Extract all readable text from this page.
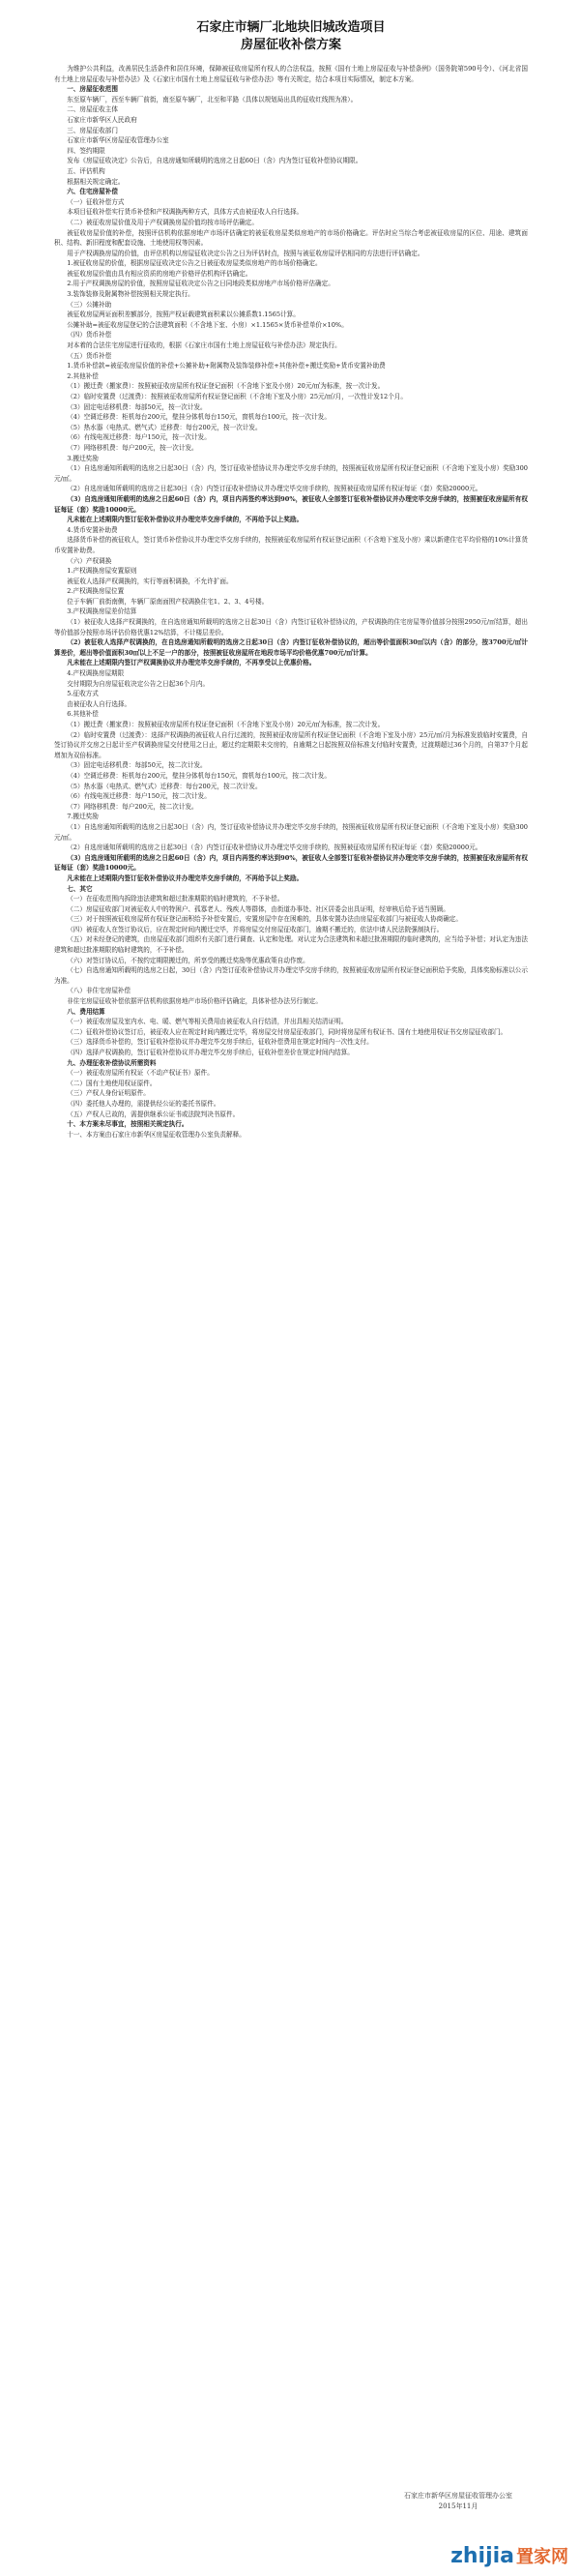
石家庄市辆厂北地块旧城改造项目
房屋征收补偿方案

为维护公共利益，改善居民生活条件和居住环境，保障被征收房屋所有权人的合法权益，按照《国有土地上房屋征收与补偿条例》（国务院第590号令）、《河北省国有土地上房屋征收与补偿办法》及《石家庄市国有土地上房屋征收与补偿办法》等有关规定，结合本项目实际情况，制定本方案。

一、房屋征收范围

东至原车辆厂，西至车辆厂前街，南至原车辆厂，北至和平路（具体以规划局出具的征收红线图为准）。

二、房屋征收主体

石家庄市新华区人民政府

三、房屋征收部门

石家庄市新华区房屋征收管理办公室

四、签约期限

发布《房屋征收决定》公告后，自选房通知所载明的选房之日起60日（含）内为签订征收补偿协议期限。

五、评估机构

根据相关规定确定。

六、住宅房屋补偿

（一）征收补偿方式

本项目征收补偿实行货币补偿和产权调换两种方式，具体方式由被征收人自行选择。

（二）被征收房屋价值及用于产权调换房屋价值均按市场评估确定。

被征收房屋价值的补偿，按照评估机构依据房地产市场评估确定的被征收房屋类似房地产的市场价格确定。评估时应当综合考虑被征收房屋的区位、用途、建筑面积、结构、新旧程度和配套设施、土地使用权等因素。

用于产权调换房屋的价值，由评估机构以房屋征收决定公告之日为评估时点，按照与被征收房屋评估相同的方法进行评估确定。

1.被征收房屋的价值，根据房屋征收决定公告之日被征收房屋类似房地产的市场价格确定。

被征收房屋价值由具有相应资质的房地产价格评估机构评估确定。

2.用于产权调换房屋的价值，按照房屋征收决定公告之日同地段类似房地产市场价格评估确定。

3.装饰装修及附属物补偿按照相关规定执行。

（三）公摊补助

被征收房屋两证面积差额部分，按照产权证载建筑面积乘以公摊系数1.1565计算。

公摊补助=被征收房屋登记的合法建筑面积（不含地下室、小房）×1.1565×货币补偿单价×10%。

（四）货币补偿

对本着的合法住宅房屋进行征收的，根据《石家庄市国有土地上房屋征收与补偿办法》规定执行。

（五）货币补偿

1.货币补偿款=被征收房屋价值的补偿+公摊补助+附属物及装饰装修补偿+其他补偿+搬迁奖励+货币安置补助费

2.其他补偿

（1）搬迁费（搬家费）：按照被征收房屋所有权证登记面积（不含地下室及小房）20元/㎡为标准，按一次计发。

（2）临时安置费（过渡费）：按照被征收房屋所有权证登记面积（不含地下室及小房）25元/㎡/月，一次性计发12个月。

（3）固定电话移机费：每部50元，按一次计发。

（4）空调迁移费：柜机每台200元，壁挂分体机每台150元，窗机每台100元，按一次计发。

（5）热水器（电热式、燃气式）迁移费：每台200元，按一次计发。

（6）有线电视迁移费：每户150元，按一次计发。

（7）网络移机费：每户200元，按一次计发。

3.搬迁奖励

（1）自选房通知所载明的选房之日起30日（含）内，签订征收补偿协议并办理完毕交房手续的，按照被征收房屋所有权证登记面积（不含地下室及小房）奖励300元/㎡。

（2）自选房通知所载明的选房之日起30日（含）内签订征收补偿协议并办理完毕交房手续的，按照被征收房屋所有权证每证（套）奖励20000元。

（3）自选房通知所载明的选房之日起60日（含）内，项目内再签约率达到90%，被征收人全部签订征收补偿协议并办理完毕交房手续的，按照被征收房屋所有权证每证（套）奖励10000元。

凡未能在上述期限内签订征收补偿协议并办理完毕交房手续的，不再给予以上奖励。

4.货币安置补助费

选择货币补偿的被征收人，签订货币补偿协议并办理完毕交房手续的，按照被征收房屋所有权证登记面积（不含地下室及小房）乘以新建住宅平均价格的10%计算货币安置补助费。

（六）产权调换

1.产权调换房屋安置原则

被征收人选择产权调换的，实行等面积调换，不允许扩面。

2.产权调换房屋位置

位于车辆厂前街南侧，车辆厂原南面围产权调换住宅1、2、3、4号楼。

3.产权调换房屋差价结算

（1）被征收人选择产权调换的，在自选房通知所载明的选房之日起30日（含）内签订征收补偿协议的，产权调换的住宅房屋等价值部分按照2950元/㎡结算，超出等价值部分按照市场评估价格优惠12%结算，不计楼层差价。

（2）被征收人选择产权调换的，在自选房通知所载明的选房之日起30日（含）内签订征收补偿协议的，超出等价值面积30㎡以内（含）的部分，按3700元/㎡计算差价，超出等价值面积30㎡以上不足一户的部分，按照被征收房屋所在地段市场平均价格优惠700元/㎡计算。

凡未能在上述期限内签订产权调换协议并办理完毕交房手续的，不再享受以上优惠价格。

4.产权调换房屋期限

交付期限为自房屋征收决定公告之日起36个月内。

5.征收方式

由被征收人自行选择。

6.其他补偿

（1）搬迁费（搬家费）：按照被征收房屋所有权证登记面积（不含地下室及小房）20元/㎡为标准，按二次计发。

（2）临时安置费（过渡费）：选择产权调换的被征收人自行过渡的，按照被征收房屋所有权证登记面积（不含地下室及小房）25元/㎡/月为标准发放临时安置费，自签订协议并交房之日起计至产权调换房屋交付使用之日止，超过约定期限未交房的，自逾期之日起按照双倍标准支付临时安置费，过渡期超过36个月的，自第37个月起增加为双倍标准。

（3）固定电话移机费：每部50元，按二次计发。

（4）空调迁移费：柜机每台200元，壁挂分体机每台150元，窗机每台100元，按二次计发。

（5）热水器（电热式、燃气式）迁移费：每台200元，按二次计发。

（6）有线电视迁移费：每户150元，按二次计发。

（7）网络移机费：每户200元，按二次计发。

7.搬迁奖励

（1）自选房通知所载明的选房之日起30日（含）内，签订征收补偿协议并办理完毕交房手续的，按照被征收房屋所有权证登记面积（不含地下室及小房）奖励300元/㎡。

（2）自选房通知所载明的选房之日起30日（含）内签订征收补偿协议并办理完毕交房手续的，按照被征收房屋所有权证每证（套）奖励20000元。

（3）自选房通知所载明的选房之日起60日（含）内，项目内再签约率达到90%，被征收人全部签订征收补偿协议并办理完毕交房手续的，按照被征收房屋所有权证每证（套）奖励10000元。

凡未能在上述期限内签订征收补偿协议并办理完毕交房手续的，不再给予以上奖励。

七、其它

（一）在征收范围内拆除违法建筑和超过批准期限的临时建筑的，不予补偿。

（二）房屋征收部门对被征收人中的特困户、孤寡老人、残疾人等群体，由街道办事处、社区居委会出具证明，经审核后给予适当照顾。

（三）对于按照被征收房屋所有权证登记面积给予补偿安置后，安置房屋中存在困难的，具体安置办法由房屋征收部门与被征收人协商确定。

（四）被征收人在签订协议后，应在规定时间内搬迁完毕，并将房屋交付房屋征收部门，逾期不搬迁的，依法申请人民法院强制执行。

（五）对未经登记的建筑，由房屋征收部门组织有关部门进行调查、认定和处理。对认定为合法建筑和未超过批准期限的临时建筑的，应当给予补偿；对认定为违法建筑和超过批准期限的临时建筑的，不予补偿。

（六）对签订协议后，不按约定期限搬迁的，所享受的搬迁奖励等优惠政策自动作废。

（七）自选房通知所载明的选房之日起，30日（含）内签订征收补偿协议并办理完毕交房手续的，按照被征收房屋所有权证登记面积给予奖励，具体奖励标准以公示为准。

（八）非住宅房屋补偿

非住宅房屋征收补偿依据评估机构依据房地产市场价格评估确定，具体补偿办法另行制定。

八、费用结算

（一）被征收房屋及室内水、电、暖、燃气等相关费用由被征收人自行结清，并出具相关结清证明。

（二）征收补偿协议签订后，被征收人应在规定时间内搬迁完毕，将房屋交付房屋征收部门，同时将房屋所有权证书、国有土地使用权证书交房屋征收部门。

（三）选择货币补偿的，签订征收补偿协议并办理完毕交房手续后，征收补偿费用在规定时间内一次性支付。

（四）选择产权调换的，签订征收补偿协议并办理完毕交房手续后，征收补偿差价在规定时间内结算。

九、办理征收补偿协议所需资料

（一）被征收房屋所有权证（不动产权证书）原件。

（二）国有土地使用权证原件。

（三）产权人身份证明原件。

（四）委托他人办理的，需提供经公证的委托书原件。

（五）产权人已故的，需提供继承公证书或法院判决书原件。

十、本方案未尽事宜，按照相关规定执行。

十一、本方案由石家庄市新华区房屋征收管理办公室负责解释。

石家庄市新华区房屋征收管理办公室
2015年11月
zhijia 置家网
